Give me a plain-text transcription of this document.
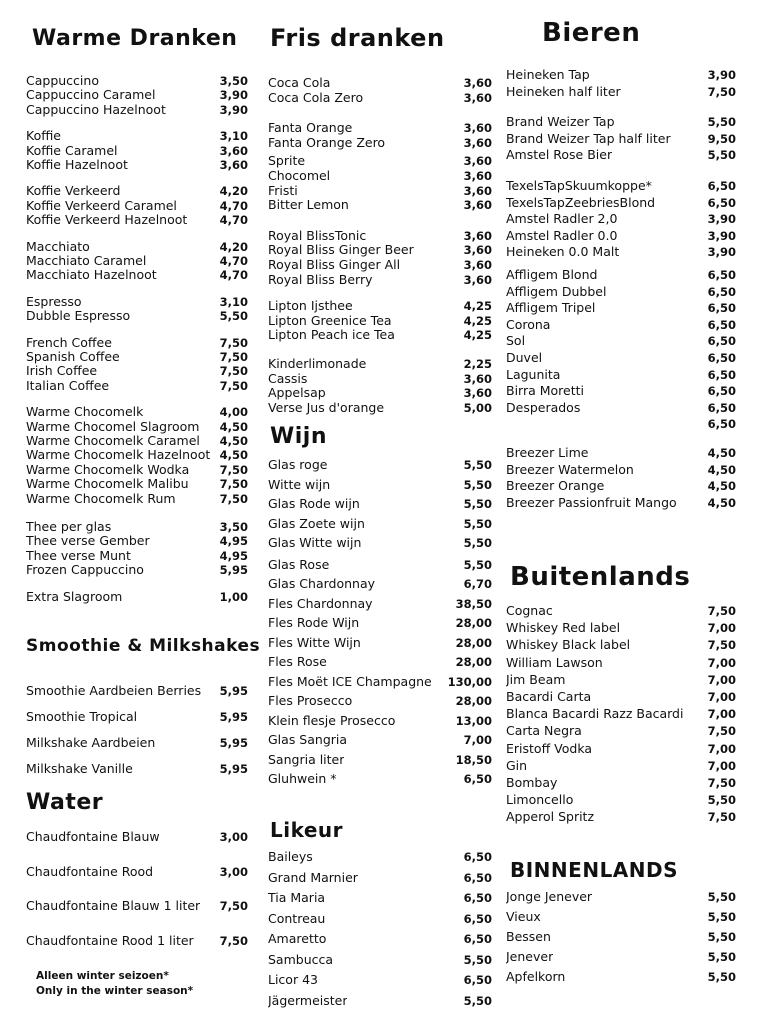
Warme Dranken
Cappuccino	3,50
Cappuccino Caramel	3,90
Cappuccino Hazelnoot	3,90
Koffie	3,10
Koffie Caramel	3,60
Koffie Hazelnoot	3,60
Koffie Verkeerd	4,20
Koffie Verkeerd Caramel	4,70
Koffie Verkeerd Hazelnoot	4,70
Macchiato	4,20
Macchiato Caramel	4,70
Macchiato Hazelnoot	4,70
Espresso	3,10
Dubble Espresso	5,50
French Coffee	7,50
Spanish Coffee	7,50
Irish Coffee	7,50
Italian Coffee	7,50
Warme Chocomelk	4,00
Warme Chocomel Slagroom 4,50
Warme Chocomelk Caramel 4,50
Warme Chocomelk Hazelnoot 4,50
Warme Chocomelk Wodka	7,50
Warme Chocomelk Malibu	7,50
Warme Chocomelk Rum	7,50
Thee per glas	3,50
Thee verse Gember	4,95
Thee verse Munt	4,95
Frozen Cappuccino	5,95
Extra Slagroom	1,00
Smoothie & Milkshakes
Smoothie Aardbeien Berries 5,95
Smoothie Tropical	5,95
Milkshake Aardbeien	5,95
Milkshake Vanille	5,95
Water
Chaudfontaine Blauw	3,00
Chaudfontaine Rood	3,00
Chaudfontaine Blauw 1 liter 7,50
Chaudfontaine Rood 1 liter 7,50
Alleen winter seizoen*
Only in the winter season*
Fris dranken
Coca Cola	3,60
Coca Cola Zero	3,60
Fanta Orange	3,60
Fanta Orange Zero	3,60
Sprite	3,60
Chocomel	3,60
Fristi	3,60
Bitter Lemon	3,60
Royal BlissTonic	3,60
Royal Bliss Ginger Beer	3,60
Royal Bliss Ginger All	3,60
Royal Bliss Berry	3,60
Lipton Ijsthee	4,25
Lipton Greenice Tea	4,25
Lipton Peach ice Tea	4,25
Kinderlimonade	2,25
Cassis	3,60
Appelsap	3,60
Verse Jus d'orange	5,00
Wijn
Glas roge	5,50
Witte wijn	5,50
Glas Rode wijn	5,50
Glas Zoete wijn	5,50
Glas Witte wijn	5,50
Glas Rose	5,50
Glas Chardonnay	6,70
Fles Chardonnay	38,50
Fles Rode Wijn	28,00
Fles Witte Wijn	28,00
Fles Rose	28,00
Fles Moët ICE Champagne 130,00
Fles Prosecco	28,00
Klein flesje Prosecco	13,00
Glas Sangria	7,00
Sangria liter	18,50
Gluhwein *	6,50
Likeur
Baileys	6,50
Grand Marnier	6,50
Tia Maria	6,50
Contreau	6,50
Amaretto	6,50
Sambucca	5,50
Licor 43	6,50
Jägermeister	5,50
Bieren
Heineken Tap	3,90
Heineken half liter	7,50
Brand Weizer Tap	5,50
Brand Weizer Tap half liter	9,50
Amstel Rose Bier	5,50
TexelsTapSkuumkoppe*	6,50
TexelsTapZeebriesBlond	6,50
Amstel Radler 2,0	3,90
Amstel Radler 0.0	3,90
Heineken 0.0 Malt	3,90
Affligem Blond	6,50
Affligem Dubbel	6,50
Affligem Tripel	6,50
Corona	6,50
Sol	6,50
Duvel	6,50
Lagunita	6,50
Birra Moretti	6,50
Desperados	6,50
6,50
Breezer Lime	4,50
Breezer Watermelon	4,50
Breezer Orange	4,50
Breezer Passionfruit Mango	4,50
Buitenlands
Cognac	7,50
Whiskey Red label	7,00
Whiskey Black label	7,50
William Lawson	7,00
Jim Beam	7,00
Bacardi Carta	7,00
Blanca Bacardi Razz Bacardi 7,00
Carta Negra	7,50
Eristoff Vodka	7,00
Gin	7,00
Bombay	7,50
Limoncello	5,50
Apperol Spritz	7,50
BINNENLANDS
Jonge Jenever	5,50
Vieux	5,50
Bessen	5,50
Jenever	5,50
Apfelkorn	5,50
